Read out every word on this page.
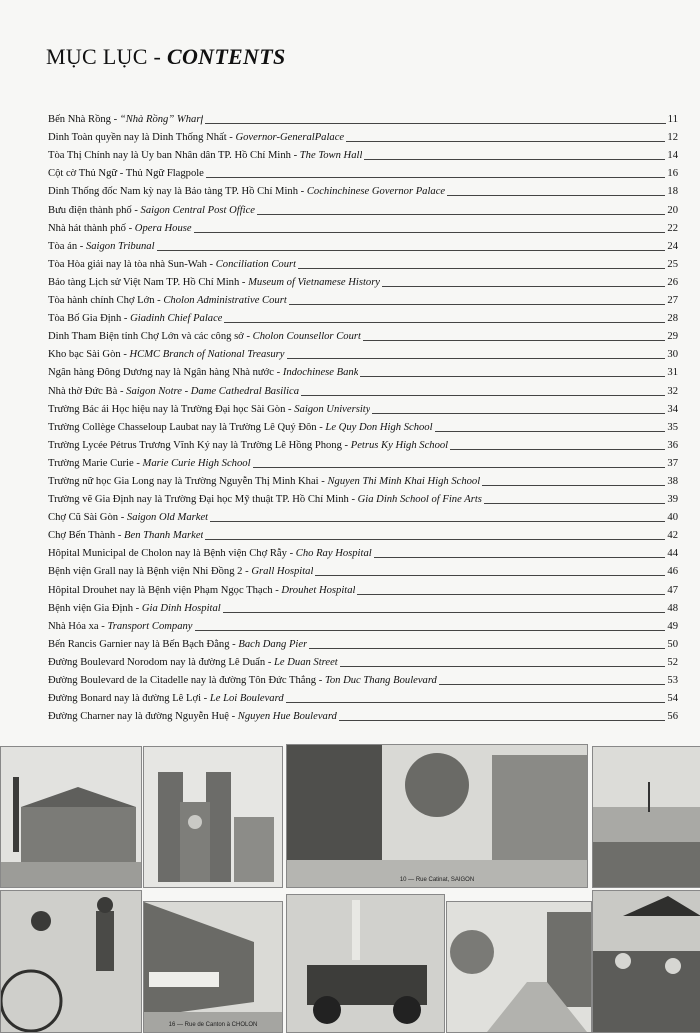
MỤC LỤC - CONTENTS
Bến Nhà Rồng - “Nhà Rồng” Wharf	11
Dinh Toàn quyền nay là Dinh Thống Nhất - Governor-GeneralPalace	12
Tòa Thị Chính nay là Ủy ban Nhân dân TP. Hồ Chí Minh - The Town Hall	14
Cột cờ Thủ Ngữ - Thủ Ngữ Flagpole	16
Dinh Thống đốc Nam kỳ nay là Bảo tàng TP. Hồ Chí Minh - Cochinchinese Governor Palace	18
Bưu điện thành phố - Saigon Central Post Office	20
Nhà hát thành phố - Opera House	22
Tòa án - Saigon Tribunal	24
Tòa Hòa giải nay là tòa nhà Sun-Wah - Conciliation Court	25
Bảo tàng Lịch sử Việt Nam TP. Hồ Chí Minh - Museum of Vietnamese History	26
Tòa hành chính Chợ Lớn - Cholon Administrative Court	27
Tòa Bố Gia Định - Giadinh Chief Palace	28
Dinh Tham Biện tỉnh Chợ Lớn và các công sở - Cholon Counsellor Court	29
Kho bạc Sài Gòn - HCMC Branch of National Treasury	30
Ngân hàng Đông Dương nay là Ngân hàng Nhà nước - Indochinese Bank	31
Nhà thờ Đức Bà - Saigon Notre - Dame Cathedral Basilica	32
Trường Bác ái Học hiệu nay là Trường Đại học Sài Gòn - Saigon University	34
Trường Collège Chasseloup Laubat nay là Trường Lê Quý Đôn - Le Quy Don High School	35
Trường Lycée Pétrus Trương Vĩnh Ký nay là Trường Lê Hồng Phong - Petrus Ky High School	36
Trường Marie Curie - Marie Curie High School	37
Trường nữ học Gia Long nay là Trường Nguyễn Thị Minh Khai - Nguyen Thi Minh Khai High School	38
Trường vẽ Gia Định nay là Trường Đại học Mỹ thuật TP. Hồ Chí Minh - Gia Dinh School of Fine Arts	39
Chợ Cũ Sài Gòn - Saigon Old Market	40
Chợ Bến Thành - Ben Thanh Market	42
Hôpital Municipal de Cholon nay là Bệnh viện Chợ Rẫy - Cho Ray Hospital	44
Bệnh viện Grall nay là Bệnh viện Nhi Đồng 2 - Grall Hospital	46
Hôpital Drouhet nay là Bệnh viện Phạm Ngọc Thạch - Drouhet Hospital	47
Bệnh viện Gia Định - Gia Dinh Hospital	48
Nhà Hỏa xa - Transport Company	49
Bến Rancis Garnier nay là Bến Bạch Đằng - Bach Dang Pier	50
Đường Boulevard Norodom nay là đường Lê Duẩn - Le Duan Street	52
Đường Boulevard de la Citadelle nay là đường Tôn Đức Thắng - Ton Duc Thang Boulevard	53
Đường Bonard nay là đường Lê Lợi - Le Loi Boulevard	54
Đường Charner nay là đường Nguyễn Huệ - Nguyen Hue Boulevard	56
10 — Rue Catinat, SAIGON
16 — Rue de Canton à CHOLON
